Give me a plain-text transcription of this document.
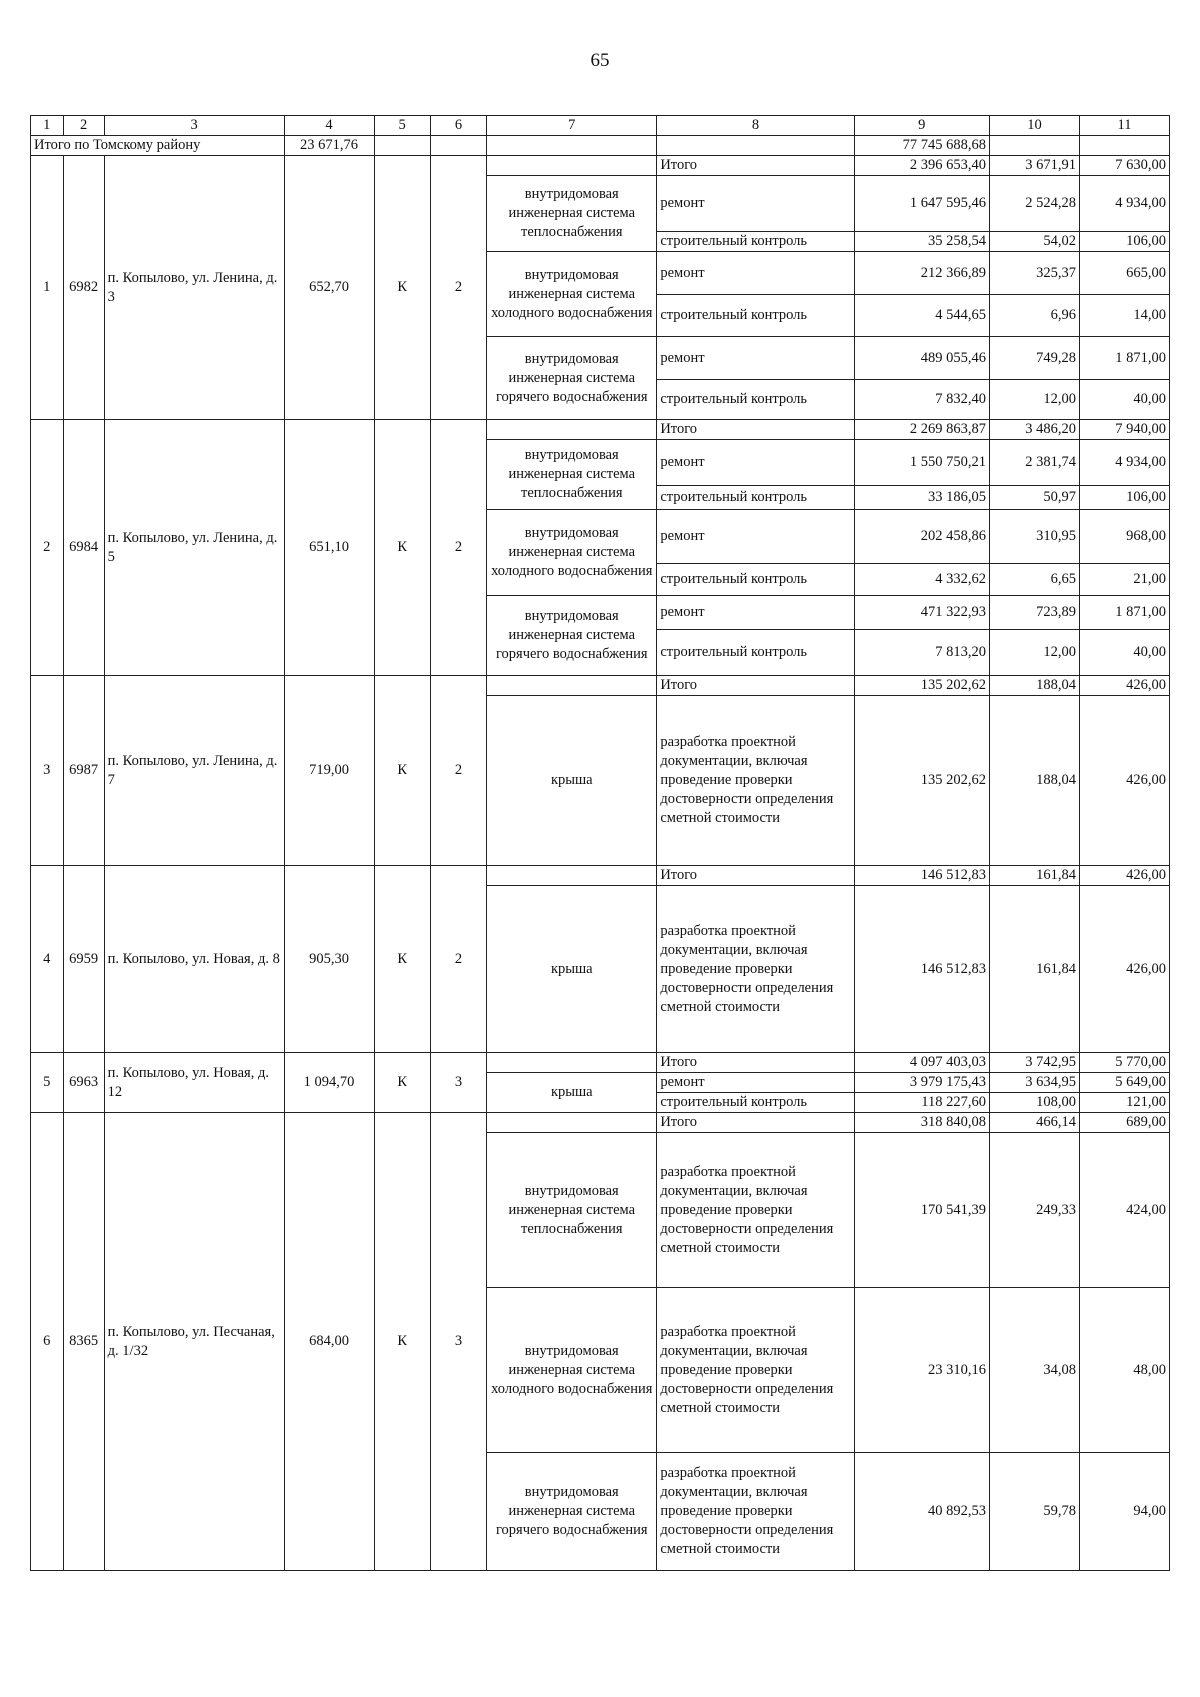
65
1	2	3	4	5	6	7	8	9	10	11
Итого по Томскому району			23 671,76					77 745 688,68		
1	6982	п. Копылово, ул. Ленина, д. 3	652,70	К	2		Итого	2 396 653,40	3 671,91	7 630,00
						внутридомовая инженерная система теплоснабжения	ремонт	1 647 595,46	2 524,28	4 934,00
							строительный контроль	35 258,54	54,02	106,00
						внутридомовая инженерная система холодного водоснабжения	ремонт	212 366,89	325,37	665,00
							строительный контроль	4 544,65	6,96	14,00
						внутридомовая инженерная система горячего водоснабжения	ремонт	489 055,46	749,28	1 871,00
							строительный контроль	7 832,40	12,00	40,00
2	6984	п. Копылово, ул. Ленина, д. 5	651,10	К	2		Итого	2 269 863,87	3 486,20	7 940,00
						внутридомовая инженерная система теплоснабжения	ремонт	1 550 750,21	2 381,74	4 934,00
							строительный контроль	33 186,05	50,97	106,00
						внутридомовая инженерная система холодного водоснабжения	ремонт	202 458,86	310,95	968,00
							строительный контроль	4 332,62	6,65	21,00
						внутридомовая инженерная система горячего водоснабжения	ремонт	471 322,93	723,89	1 871,00
							строительный контроль	7 813,20	12,00	40,00
3	6987	п. Копылово, ул. Ленина, д. 7	719,00	К	2		Итого	135 202,62	188,04	426,00
						крыша	разработка проектной документации, включая проведение проверки достоверности определения сметной стоимости	135 202,62	188,04	426,00
4	6959	п. Копылово, ул. Новая, д. 8	905,30	К	2		Итого	146 512,83	161,84	426,00
						крыша	разработка проектной документации, включая проведение проверки достоверности определения сметной стоимости	146 512,83	161,84	426,00
5	6963	п. Копылово, ул. Новая, д. 12	1 094,70	К	3		Итого	4 097 403,03	3 742,95	5 770,00
						крыша	ремонт	3 979 175,43	3 634,95	5 649,00
							строительный контроль	118 227,60	108,00	121,00
6	8365	п. Копылово, ул. Песчаная, д. 1/32	684,00	К	3		Итого	318 840,08	466,14	689,00
						внутридомовая инженерная система теплоснабжения	разработка проектной документации, включая проведение проверки достоверности определения сметной стоимости	170 541,39	249,33	424,00
						внутридомовая инженерная система холодного водоснабжения	разработка проектной документации, включая проведение проверки достоверности определения сметной стоимости	23 310,16	34,08	48,00
						внутридомовая инженерная система горячего водоснабжения	разработка проектной документации, включая проведение проверки достоверности определения сметной стоимости	40 892,53	59,78	94,00
